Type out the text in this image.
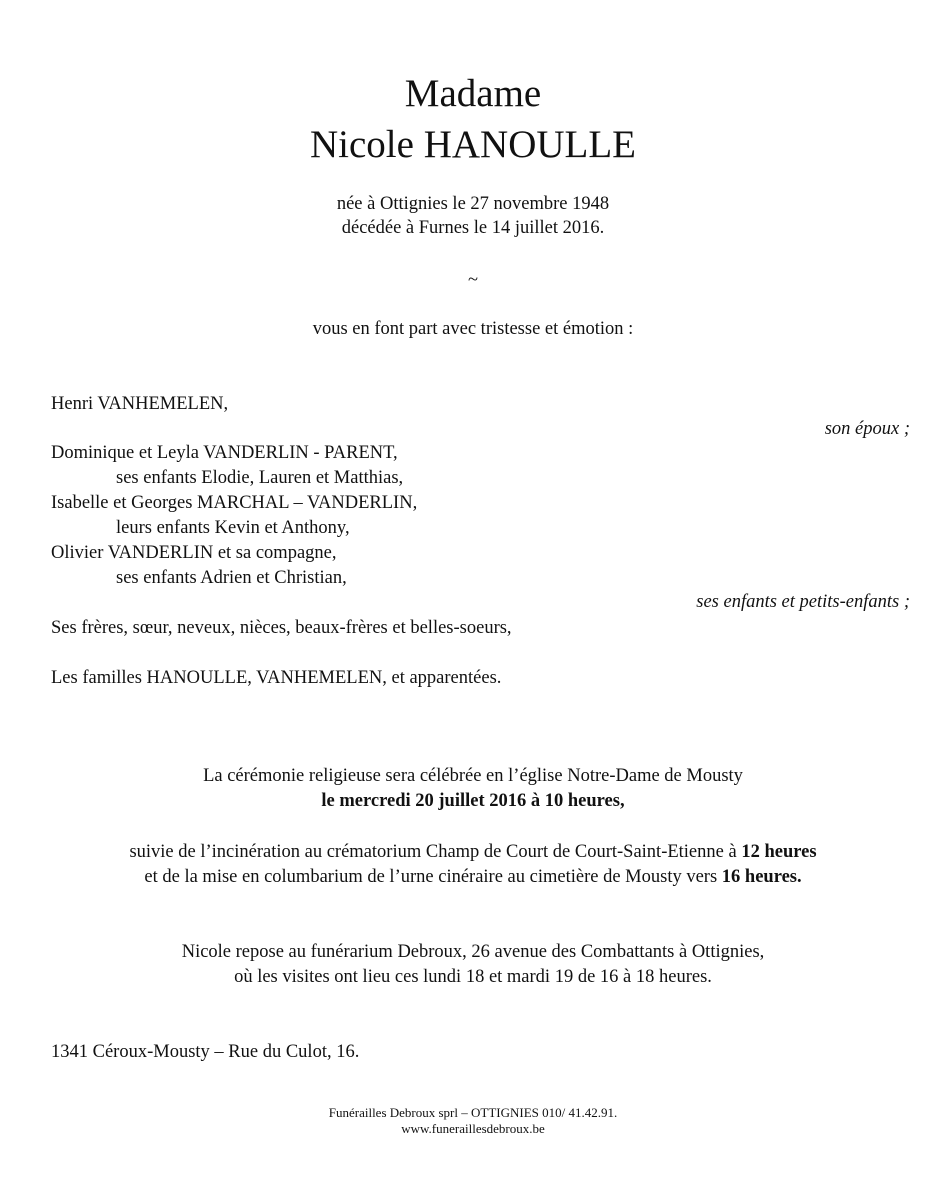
Madame
Nicole HANOULLE
née à Ottignies le 27 novembre 1948
décédée à Furnes le 14 juillet 2016.
~
vous en font part avec tristesse et émotion :
Henri VANHEMELEN,
son époux ;
Dominique et Leyla VANDERLIN - PARENT,
ses enfants Elodie, Lauren et Matthias,
Isabelle et Georges MARCHAL – VANDERLIN,
leurs enfants Kevin et Anthony,
Olivier VANDERLIN et sa compagne,
ses enfants Adrien et Christian,
ses enfants et petits-enfants ;
Ses frères, sœur, neveux, nièces, beaux-frères et belles-soeurs,
Les familles HANOULLE, VANHEMELEN, et apparentées.
La cérémonie religieuse sera célébrée en l’église Notre-Dame de Mousty
le mercredi 20 juillet 2016 à 10 heures,
suivie de l’incinération au crématorium Champ de Court de Court-Saint-Etienne à 12 heures
et de la mise en columbarium de l’urne cinéraire au cimetière de Mousty vers 16 heures.
Nicole repose au funérarium Debroux, 26 avenue des Combattants à Ottignies,
où les visites ont lieu ces lundi 18 et mardi 19 de 16 à 18 heures.
1341 Céroux-Mousty – Rue du Culot, 16.
Funérailles Debroux sprl – OTTIGNIES 010/ 41.42.91.
www.funeraillesdebroux.be
